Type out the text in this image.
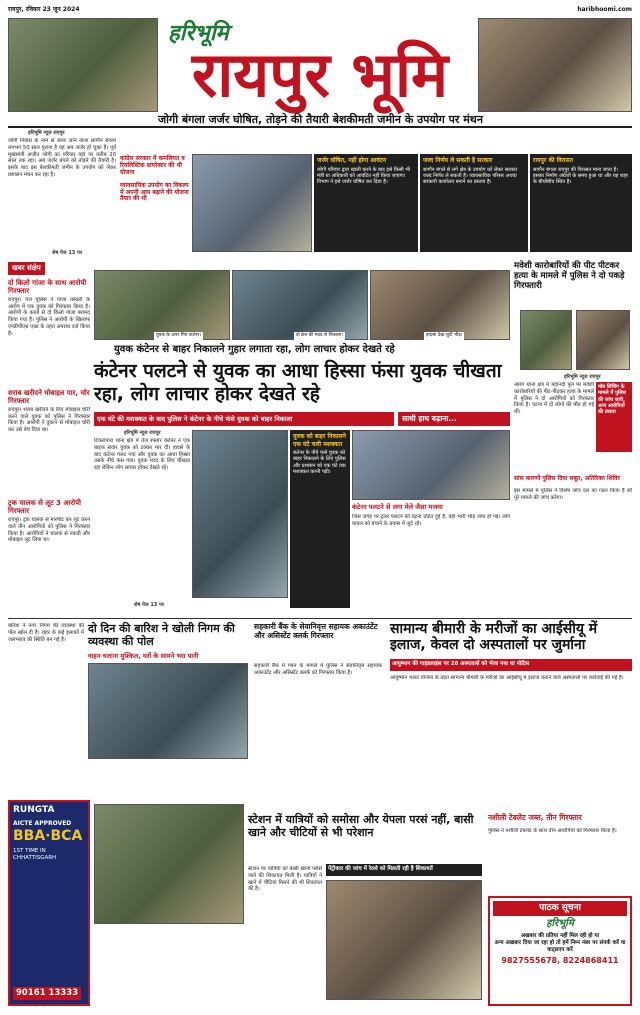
रायपुर, रविवार 23 जून 2024	haribhoomi.com
हरिभूमि
रायपुर भूमि
जोगी बंगला जर्जर घोषित, तोड़ने की तैयारी बेशकीमती जमीन के उपयोग पर मंथन
हरिभूमि न्यूज रायपुर
जोगी निवास के नाम से जाना जाने वाला सागौन बंगला लगभग 50 साल पुराना है यह अब जर्जर हो चुका है। पूर्व मुख्यमंत्री अजीत जोगी का परिवार यहां पर करीब 20 साल तक रहा। अब जर्जर बंगले को तोड़ने की तैयारी है। इसके बाद इस बेशकीमती जमीन के उपयोग को लेकर प्रशासन मंथन कर रहा है।
शेष पेज 13 पर
कांग्रेस सरकार में कमलियत व रियलिस्टिक डायरेक्टर की थी योजना
व्यावसायिक उपयोग का विकल्प में अपनी आय बढ़ाने की योजना तैयार की थी
जर्जर घोषित, नहीं होगा आवंटन
जोगी परिवार द्वारा खाली करने के बाद इसे किसी भी मंत्री या अधिकारी को आवंटित नहीं किया जाएगा। विभाग ने इसे जर्जर घोषित कर दिया है।
जल्द निर्णय ले सकती है सरकार
सागौन बंगले से लगे क्षेत्र के उपयोग को लेकर सरकार जल्द निर्णय ले सकती है। व्यावसायिक परिसर अथवा सरकारी कार्यालय बनाने का प्रस्ताव है।
रायपुर की विरासत
सागौन बंगला रायपुर की विरासत माना जाता है। इसका निर्माण अंग्रेजों के समय हुआ था और यह शहर के बीचोंबीच स्थित है।
खबर संक्षेप
दो किलो गांजा के साथ आरोपी गिरफ्तार
रायपुर। गंज पुलिस ने गांजा तस्करी के आरोप में एक युवक को गिरफ्तार किया है। आरोपी के कब्जे से दो किलो गांजा बरामद किया गया है। पुलिस ने आरोपी के खिलाफ एनडीपीएस एक्ट के तहत अपराध दर्ज किया है।
शराब खरीदने मोबाइल पार, चोर गिरफ्तार
रायपुर। शराब खरीदने के लिए मोबाइल चोरी करने वाले युवक को पुलिस ने गिरफ्तार किया है। आरोपी ने दुकान से मोबाइल चोरी कर उसे बेच दिया था।
ट्रक चालक से लूट 3 आरोपी गिरफ्तार
रायपुर। ट्रक चालक से मारपीट कर लूट करने वाले तीन आरोपियों को पुलिस ने गिरफ्तार किया है। आरोपियों ने चालक से नकदी और मोबाइल लूट लिया था।
युवक के ऊपर गिरा कंटेनर।	दो क्रेन की मदद से निकाला।	हादसा देख जुटी भीड़।
युवक कंटेनर से बाहर निकालने गुहार लगाता रहा, लोग लाचार होकर देखते रहे
कंटेनर पलटने से युवक का आधा हिस्सा फंसा युवक चीखता रहा, लोग लाचार होकर देखते रहे
एक घंटे की मशक्कत के बाद पुलिस ने कंटेनर के नीचे फंसे युवक को बाहर निकाला	साथी हाथ बढ़ाना...
हरिभूमि न्यूज रायपुर
टिकरापारा थाना क्षेत्र में तेज रफ्तार कंटेनर ने एक बाइक सवार युवक को टक्कर मार दी। हादसे के बाद कंटेनर पलट गया और युवक का आधा हिस्सा उसके नीचे फंस गया। युवक मदद के लिए चीखता रहा लेकिन लोग लाचार होकर देखते रहे।
शेष पेज 13 पर
युवक को बाहर निकालने एक घंटे चली मशक्कत
कंटेनर के नीचे फंसे युवक को बाहर निकालने के लिए पुलिस और प्रशासन को एक घंटे तक मशक्कत करनी पड़ी।
कंटेनर पलटने से लगा मेले जैसा मजमा
जिस जगह पर ट्रेलर पलटने की घटना घटित हुई है, वहां भारी भीड़ जमा हो गई। लोग घायल को बचाने के प्रयास में जुटे रहे।
मवेशी कारोबारियों की पीट पीटकर हत्या के मामले में पुलिस ने दो पकड़े गिरफ्तारी
हरिभूमि न्यूज रायपुर
आरंग थाना क्षेत्र में महानदी पुल पर मवेशी कारोबारियों की पीट-पीटकर हत्या के मामले में पुलिस ने दो आरोपियों को गिरफ्तार किया है। घटना में दो लोगों की मौत हो गई थी।
मॉब लिंचिंग के मामले में पुलिस की जांच जारी, अन्य आरोपियों की तलाश
सांस कारणों पुलिस दिया सबूत, अतिरिक्त शिविर
इस मामले में पुलिस ने विशेष जांच दल का गठन किया है जो पूरे मामले की जांच करेगा।
दो दिन की बारिश ने खोली निगम की व्यवस्था की पोल
वाहन चलाना मुश्किल, घरों के सामने भरा पानी
बारिश ने नगर निगम की व्यवस्था की पोल खोल दी है। शहर के कई इलाकों में जलभराव की स्थिति बन गई है।
सहकारी बैंक के सेवानिवृत्त सहायक अकाउंटेंट और असिस्टेंट क्लर्क गिरफ्तार
सहकारी बैंक में गबन के मामले में पुलिस ने सेवानिवृत्त सहायक अकाउंटेंट और असिस्टेंट क्लर्क को गिरफ्तार किया है।
सामान्य बीमारी के मरीजों का आईसीयू में इलाज, केवल दो अस्पतालों पर जुर्माना
आयुष्मान की गाइडलाइंस पर 28 अस्पतालों को भेजा गया था नोटिस
आयुष्मान भारत योजना के तहत सामान्य बीमारी के मरीजों का आईसीयू में इलाज कराने वाले अस्पतालों पर कार्रवाई की गई है।
RUNGTA
AICTE APPROVED
BBA·BCA
1ST TIME IN CHHATTISGARH
90161 13333
स्टेशन में यात्रियों को समोसा और येपला परसं नहीं, बासी खाने और चीटियों से भी परेशान
स्टेशन पर यात्रियों को बासी खाना परोसे जाने की शिकायत मिली है। यात्रियों ने खाने में चीटियां मिलने की भी शिकायत की है।
पेंट्रीकार की जांच में रेलवे को मिलती रही है शिकायतें
नशीली टेबलेट जब्त, तीन गिरफ्तार
पुलिस ने नशीली टेबलेट के साथ तीन आरोपियों को गिरफ्तार किया है।
पाठक सूचना
हरिभूमि
अखबार की प्रतिया नहीं मिल रही हो या
अन्य अखबार दिया जा रहा हो तो हमें निम्न नंबर पर संपर्क करें या वाट्सएप करें
9827555678, 8224868411
